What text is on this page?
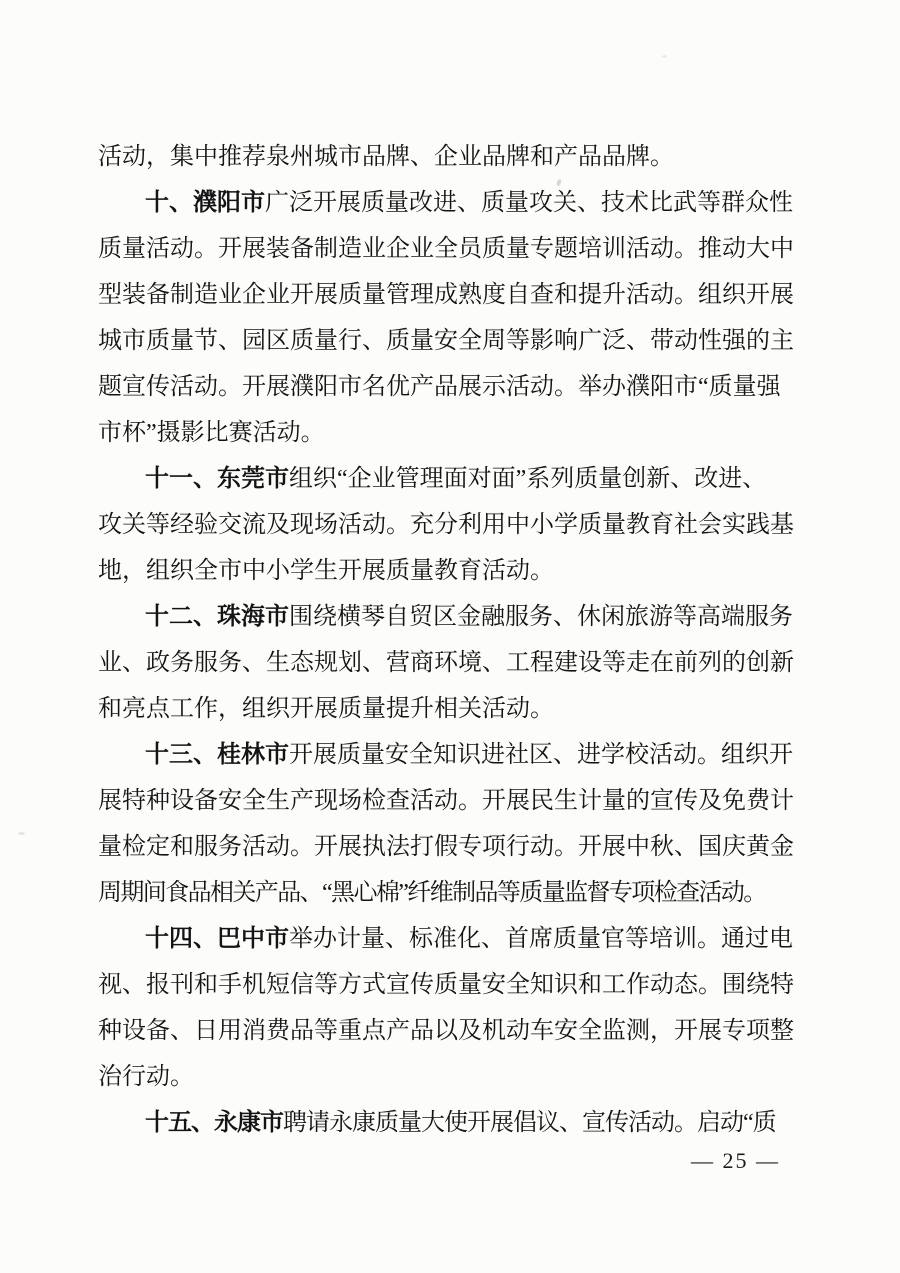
活动，集中推荐泉州城市品牌、企业品牌和产品品牌。
十、濮阳市广泛开展质量改进、质量攻关、技术比武等群众性
质量活动。开展装备制造业企业全员质量专题培训活动。推动大中
型装备制造业企业开展质量管理成熟度自查和提升活动。组织开展
城市质量节、园区质量行、质量安全周等影响广泛、带动性强的主
题宣传活动。开展濮阳市名优产品展示活动。举办濮阳市“质量强
市杯”摄影比赛活动。
十一、东莞市组织“企业管理面对面”系列质量创新、改进、
攻关等经验交流及现场活动。充分利用中小学质量教育社会实践基
地，组织全市中小学生开展质量教育活动。
十二、珠海市围绕横琴自贸区金融服务、休闲旅游等高端服务
业、政务服务、生态规划、营商环境、工程建设等走在前列的创新
和亮点工作，组织开展质量提升相关活动。
十三、桂林市开展质量安全知识进社区、进学校活动。组织开
展特种设备安全生产现场检查活动。开展民生计量的宣传及免费计
量检定和服务活动。开展执法打假专项行动。开展中秋、国庆黄金
周期间食品相关产品、“黑心棉”纤维制品等质量监督专项检查活动。
十四、巴中市举办计量、标准化、首席质量官等培训。通过电
视、报刊和手机短信等方式宣传质量安全知识和工作动态。围绕特
种设备、日用消费品等重点产品以及机动车安全监测，开展专项整
治行动。
十五、永康市聘请永康质量大使开展倡议、宣传活动。启动“质
— 25 —
